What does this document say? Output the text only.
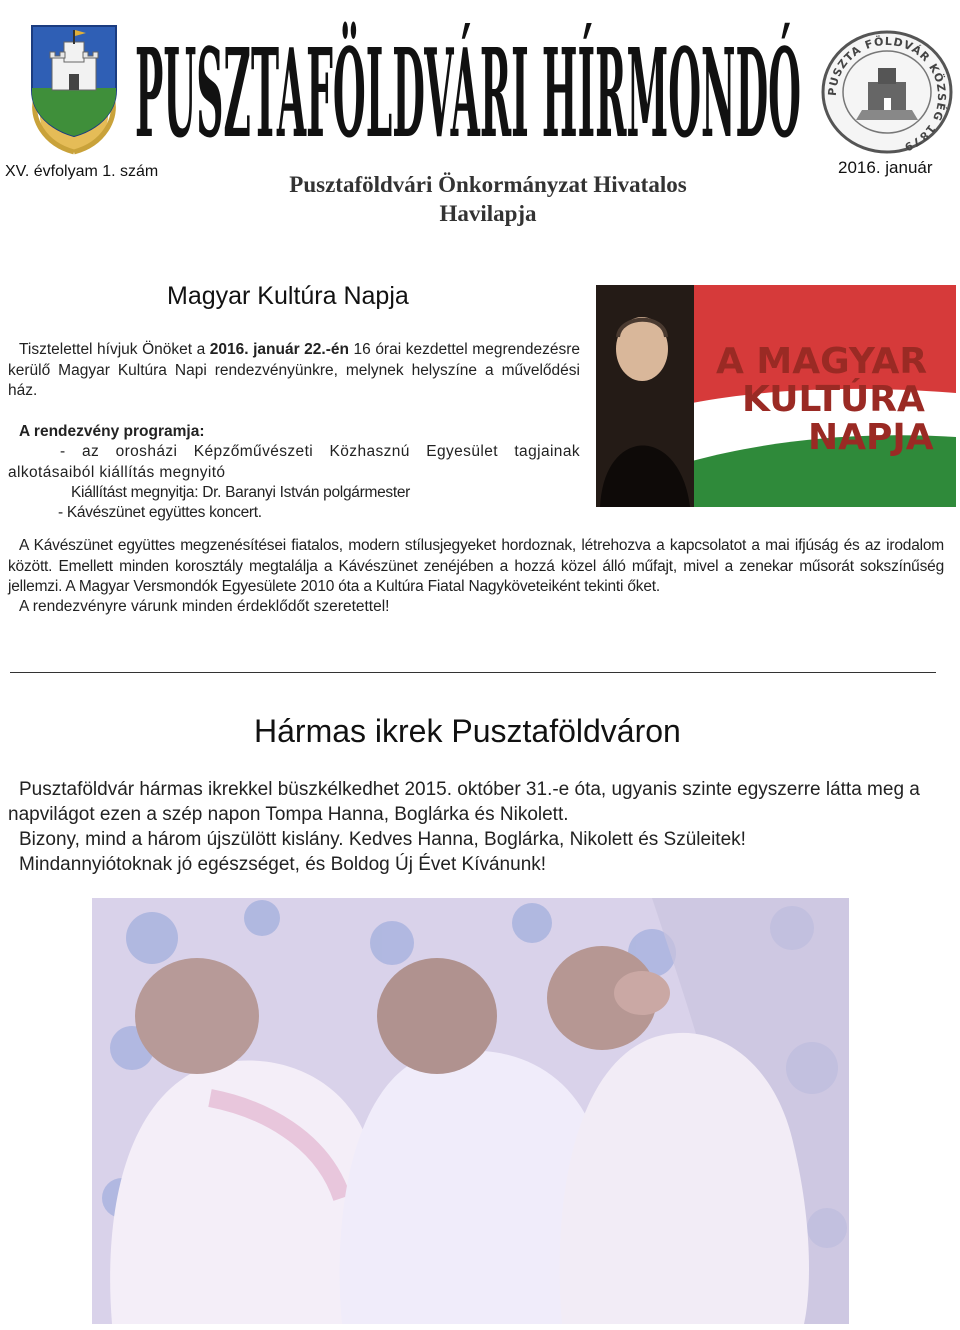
PUSZTAFÖLDVÁRI HÍRMONDÓ PUSZTA FÖLDVÁR KÖZSÉG 1879
XV. évfolyam 1. szám	2016. január
Pusztaföldvári Önkormányzat Hivatalos
Havilapja
Magyar Kultúra Napja
Tisztelettel hívjuk Önöket a 2016. január 22.-én 16 órai kezdettel megrendezésre kerülő Magyar Kultúra Napi rendezvényünkre, melynek helyszíne a művelődési ház.
A rendezvény programja:
- az orosházi Képzőművészeti Közhasznú Egyesület tagjainak alkotásaiból kiállítás megnyitó
Kiállítást megnyitja: Dr. Baranyi István polgármester
- Kávészünet együttes koncert.
A Kávészünet együttes megzenésítései fiatalos, modern stílusjegyeket hordoznak, létrehozva a kapcsolatot a mai ifjúság és az irodalom között. Emellett minden korosztály megtalálja a Kávészünet zenéjében a hozzá közel álló műfajt, mivel a zenekar műsorát sokszínűség jellemzi. A Magyar Versmondók Egyesülete 2010 óta a Kultúra Fiatal Nagyköveteiként tekinti őket.
A rendezvényre várunk minden érdeklődőt szeretettel!
A MAGYAR
KULTÚRA
NAPJA
Hármas ikrek Pusztaföldváron
Pusztaföldvár hármas ikrekkel büszkélkedhet 2015. október 31.-e óta, ugyanis szinte egyszerre látta meg a napvilágot ezen a szép napon Tompa Hanna, Boglárka és Nikolett.
Bizony, mind a három újszülött kislány. Kedves Hanna, Boglárka, Nikolett és Szüleitek!
Mindannyiótoknak jó egészséget, és Boldog Új Évet Kívánunk!
